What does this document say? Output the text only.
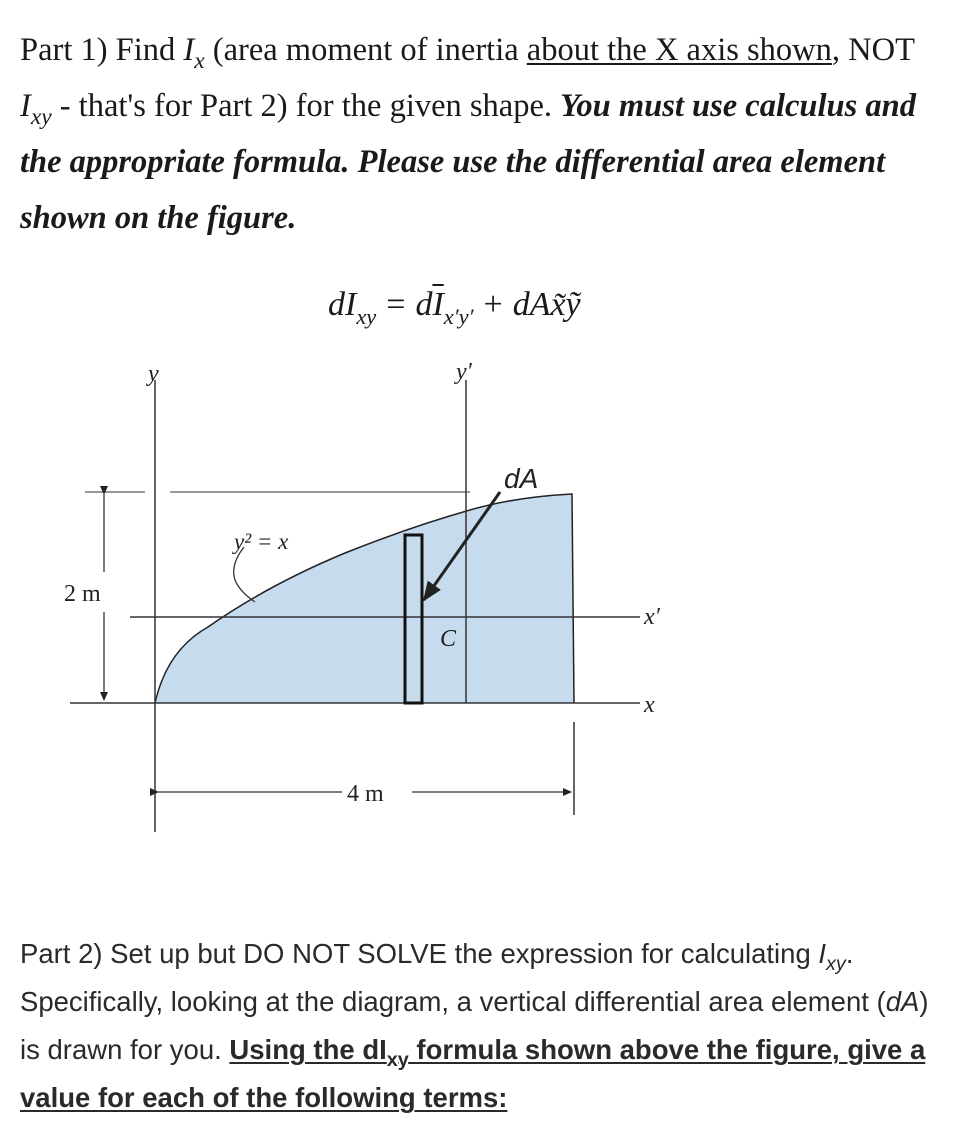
Part 1) Find $I_x$ (area moment of inertia about the X axis shown, NOT $I_{xy}$ - that's for Part 2) for the given shape. You must use calculus and the appropriate formula. Please use the differential area element shown on the figure.
$dI_{xy} = d\overline{I}_{x'y'}$ + dAx̃ỹ
y	y′
x
x′
y² = x
dA
C
2 m
4 m
Part 2) Set up but DO NOT SOLVE the expression for calculating $I_{xy}$. Specifically, looking at the diagram, a vertical differential area element (dA) is drawn for you. Using the $dI_{xy}$ formula shown above the figure, give a value for each of the following terms:
